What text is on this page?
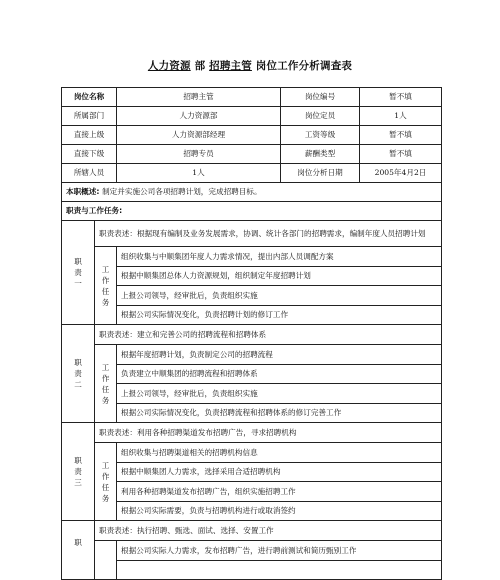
人力资源 部 招聘主管 岗位工作分析调查表
岗位名称		招聘主管	岗位编号	暂不填
所属部门		人力资源部	岗位定员	1人
直接上级		人力资源部经理	工资等级	暂不填
直接下级		招聘专员	薪酬类型	暂不填
所辖人员		1人	岗位分析日期	2005年4月2日
本职概述: 制定并实施公司各项招聘计划，完成招聘目标。				
职责与工作任务:				

职
责
一	职责表述：根据现有编制及业务发展需求，协调、统计各部门的招聘需求，编制年度人员招聘计划			

	工作
任务	组织收集与中顺集团年度人力需求情况，提出内部人员调配方案		
		根据中顺集团总体人力资源规划，组织制定年度招聘计划		
		上报公司领导，经审批后，负责组织实施		
		根据公司实际情况变化，负责招聘计划的修订工作		

职
责
二	职责表述：建立和完善公司的招聘流程和招聘体系			

	工作
任务	根据年度招聘计划，负责制定公司的招聘流程		
		负责建立中顺集团的招聘流程和招聘体系		
		上报公司领导，经审批后，负责组织实施		
		根据公司实际情况变化，负责招聘流程和招聘体系的修订完善工作		

职
责
三	职责表述：利用各种招聘渠道发布招聘广告，寻求招聘机构			

	工作
任务	组织收集与招聘渠道相关的招聘机构信息		
		根据中顺集团人力需求，选择采用合适招聘机构		
		利用各种招聘渠道发布招聘广告，组织实施招聘工作		
		根据公司实际需要，负责与招聘机构进行或取消签约		

职	职责表述：执行招聘、甄选、面试、选择、安置工作			
		根据公司实际人力需求，发布招聘广告，进行聘前测试和简历甄别工作		
